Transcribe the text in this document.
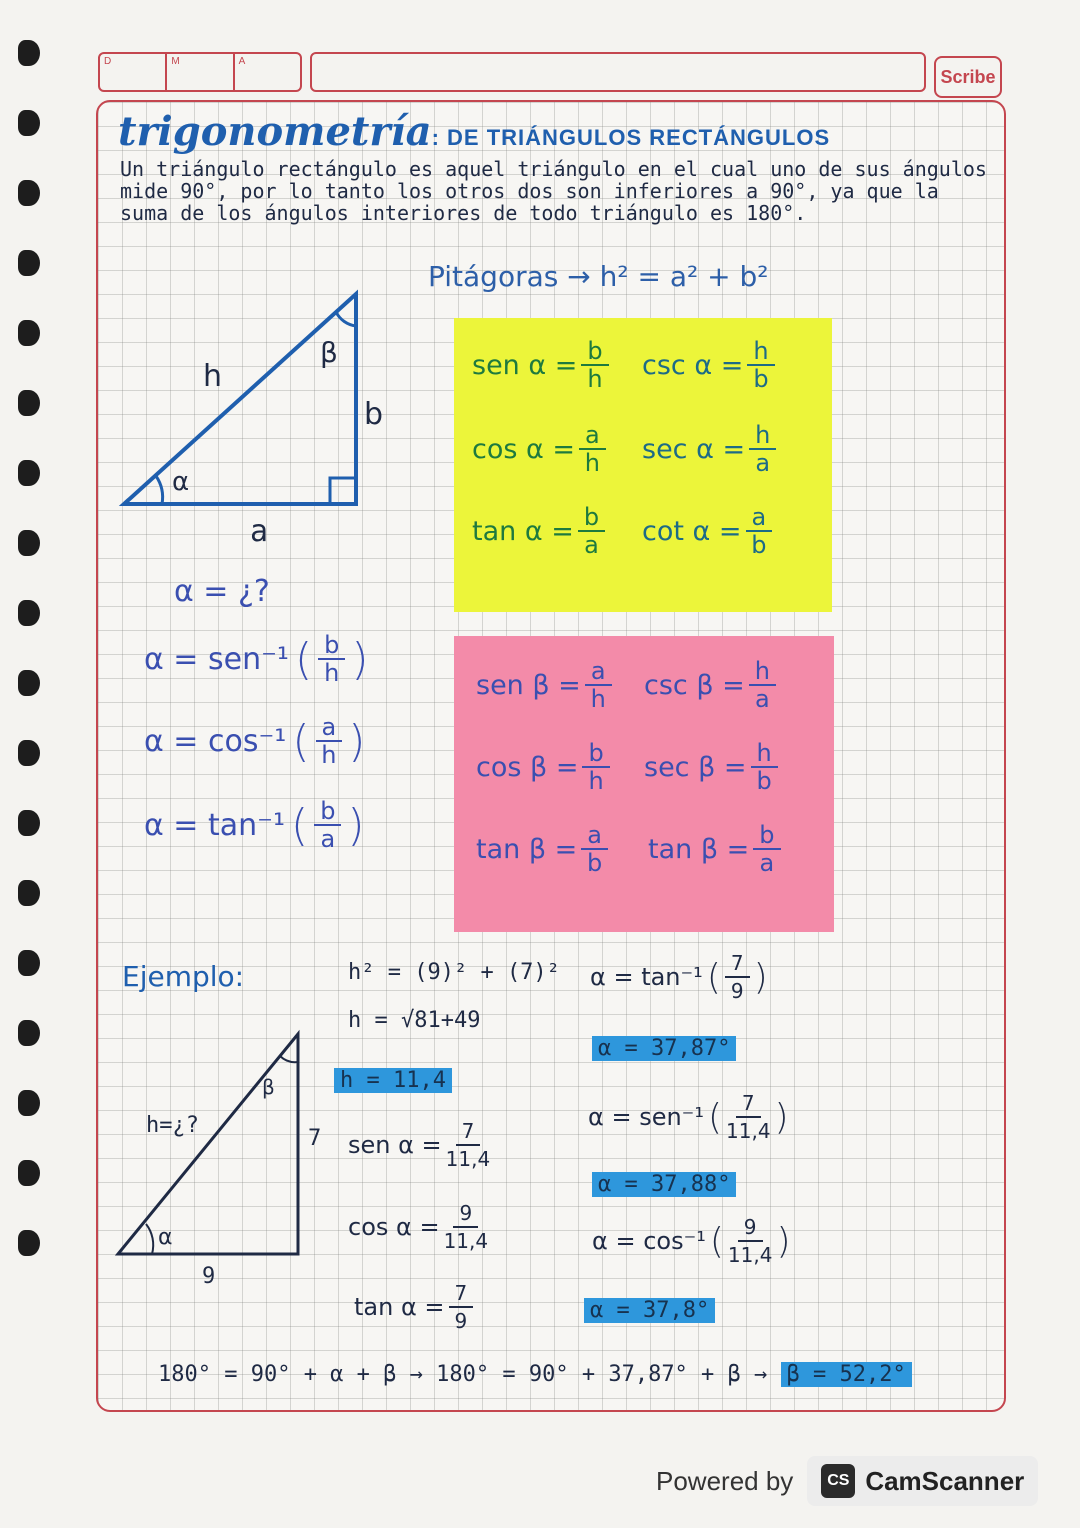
D	M	A
Scribe
trigonometría: DE TRIÁNGULOS RECTÁNGULOS
Un triángulo rectángulo es aquel triángulo en el cual uno de sus ángulos mide 90°, por lo tanto los otros dos son inferiores a 90°, ya que la suma de los ángulos interiores de todo triángulo es 180°.
Pitágoras → h² = a² + b²
h
β
b
α
a
α = ¿?
α = sen⁻¹ ( $\frac{b}{h}$ )
α = cos⁻¹ ( $\frac{a}{h}$ )
α = tan⁻¹ ( $\frac{b}{a}$ )
sen $\alpha = \frac{b}{h}$ $\csc \alpha = \frac{h}{b}$
$\cos \alpha = \frac{a}{h}$ $\sec \alpha = \frac{h}{a}$
$\tan \alpha = \frac{b}{a}$ $\cot \alpha = \frac{a}{b}$
sen $\beta = \frac{a}{h}$ $\csc \beta = \frac{h}{a}$
$\cos \beta = \frac{b}{h}$ $\sec \beta = \frac{h}{b}$
$\tan \beta = \frac{a}{b}$ $\tan \beta = \frac{b}{a}$
Ejemplo:
h=¿?
β
α
7
9
h² = (9)² + (7)²
h = √81+49
h = 11,4
sen $\alpha = \frac{7}{11,4}$
$\cos \alpha = \frac{9}{11,4}$
$\tan \alpha = \frac{7}{9}$
α = tan⁻¹ ( $\frac{7}{9}$ )
α = 37,87°
α = sen⁻¹ ( $\frac{7}{11,4}$ )
α = 37,88°
α = cos⁻¹ ( $\frac{9}{11,4}$ )
α = 37,8°
180° = 90° + α + β → 180° = 90° + 37,87° + β → β = 52,2°
Powered by	CS CamScanner
